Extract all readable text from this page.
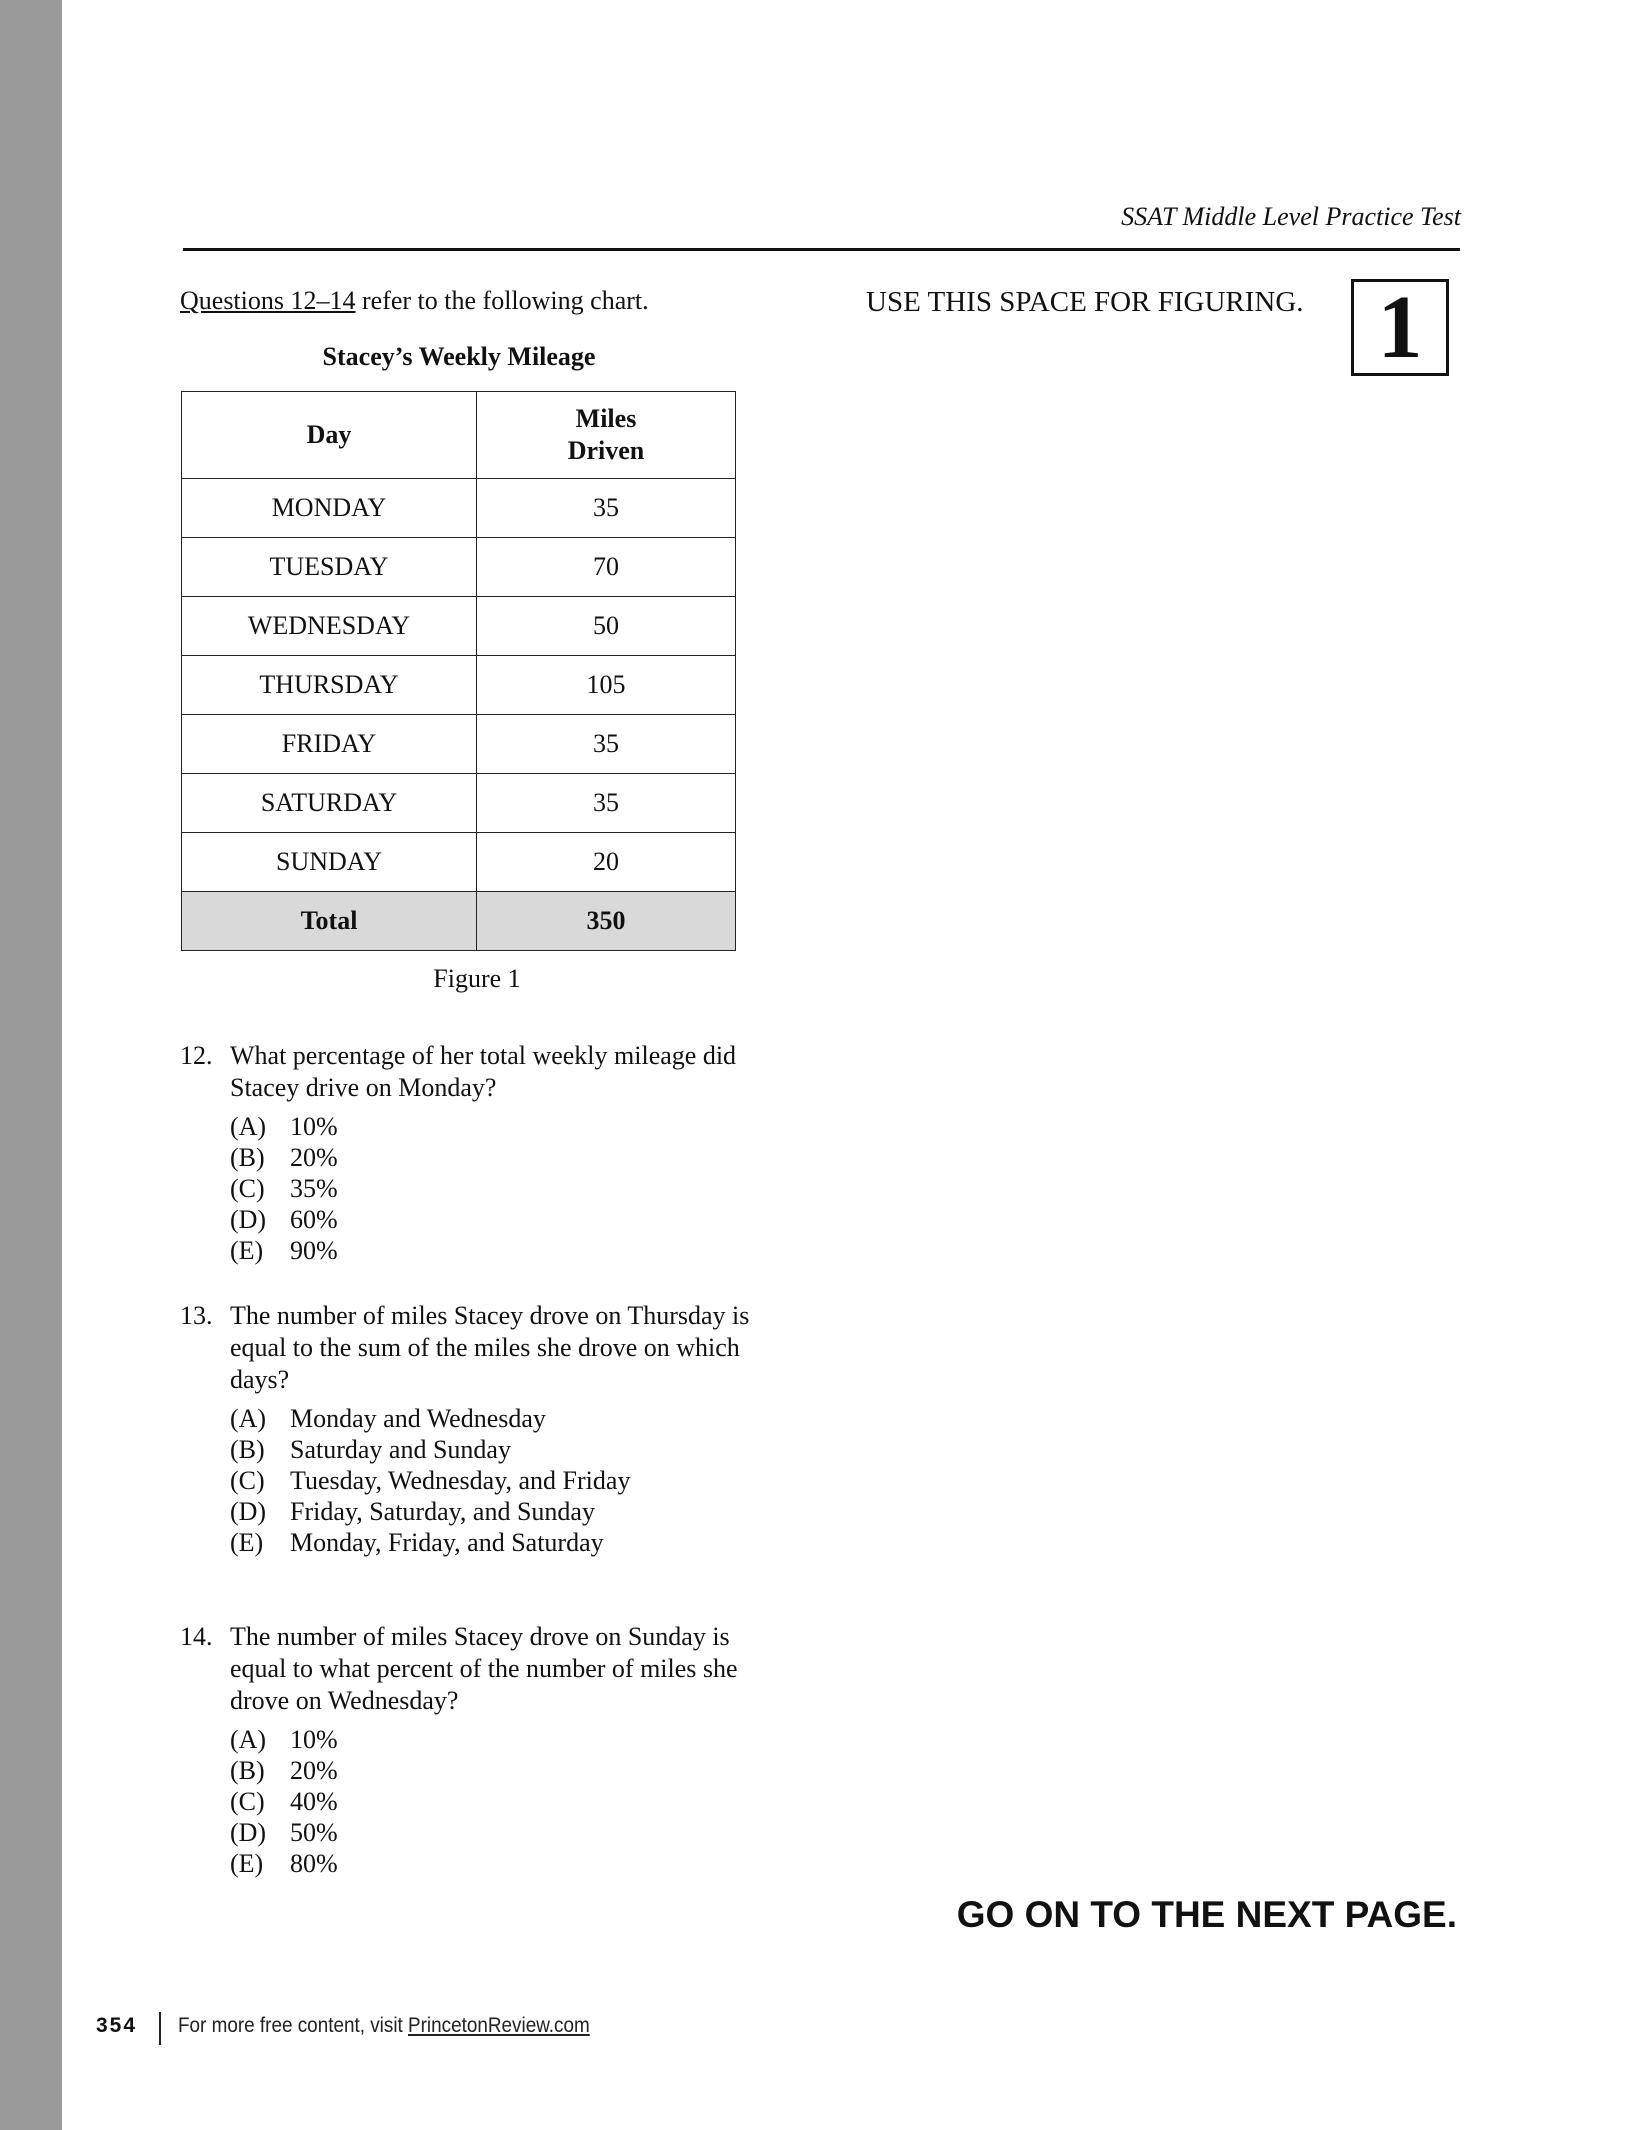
SSAT Middle Level Practice Test
Questions 12–14 refer to the following chart.	USE THIS SPACE FOR FIGURING. 1
Stacey’s Weekly Mileage
Day	Miles
Driven
MONDAY	35
TUESDAY	70
WEDNESDAY	50
THURSDAY	105
FRIDAY	35
SATURDAY	35
SUNDAY	20
Total	350
Figure 1
12. What percentage of her total weekly mileage did Stacey drive on Monday?
(A) 10%
(B) 20%
(C) 35%
(D) 60%
(E)	90%
13. The number of miles Stacey drove on Thursday is equal to the sum of the miles she drove on which days?
(A) Monday and Wednesday
(B) Saturday and Sunday
(C) Tuesday, Wednesday, and Friday
(D) Friday, Saturday, and Sunday
(E)	Monday, Friday, and Saturday
14. The number of miles Stacey drove on Sunday is equal to what percent of the number of miles she drove on Wednesday?
(A) 10%
(B) 20%
(C) 40%
(D) 50%
(E)	80%
GO ON TO THE NEXT PAGE.
354 For more free content, visit PrincetonReview.com
